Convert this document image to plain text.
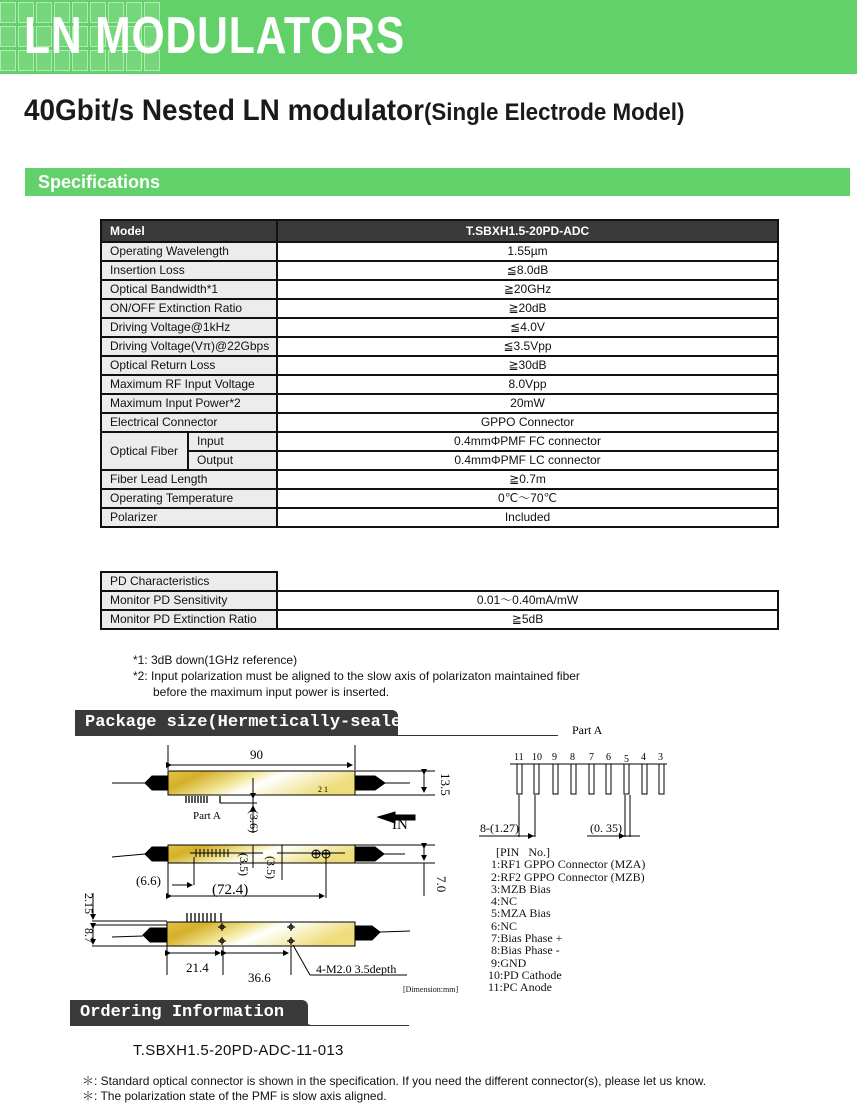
LN MODULATORS
40Gbit/s Nested LN modulator(Single Electrode Model)
Specifications
Model		T.SBXH1.5-20PD-ADC
Operating Wavelength		1.55µm
Insertion Loss		≦8.0dB
Optical Bandwidth*1		≧20GHz
ON/OFF Extinction Ratio		≧20dB
Driving Voltage@1kHz		≦4.0V
Driving Voltage(Vπ)@22Gbps		≦3.5Vpp
Optical Return Loss		≧30dB
Maximum RF Input Voltage		8.0Vpp
Maximum Input Power*2		20mW
Electrical Connector		GPPO Connector
Optical Fiber	Input	0.4mmΦPMF FC connector
	Output	0.4mmΦPMF LC connector
Fiber Lead Length		≧0.7m
Operating Temperature		0℃～70℃
Polarizer		Included
PD Characteristics	
Monitor PD Sensitivity	0.01～0.40mA/mW
Monitor PD Extinction Ratio	≧5dB
*1: 3dB down(1GHz reference)
*2: Input polarization must be aligned to the slow axis of polarizaton maintained fiber
before the maximum input power is inserted.
Package size(Hermetically-sealed)
90
2 1
Part A
IN
(6.6)
(72.4)
36.6
21.4	4-M2.0 3.5depth
Part A
8-(1.27)	(0. 35)
11 10 9 8 7 6 5 4 3
13.5
(3.6)
(3.5) (3.5)
7.0
2.15
8.7
[Dimension:mm]
[PIN   No.]
1:RF1 GPPO Connector (MZA)
2:RF2 GPPO Connector (MZB)
3:MZB Bias
4:NC
5:MZA Bias
6:NC
7:Bias Phase +
8:Bias Phase -
9:GND
10:PD Cathode
11:PC Anode
Ordering Information
T.SBXH1.5-20PD-ADC-11-013
＊: Standard optical connector is shown in the specification. If you need the different connector(s), please let us know.
＊: The polarization state of the PMF is slow axis aligned.
